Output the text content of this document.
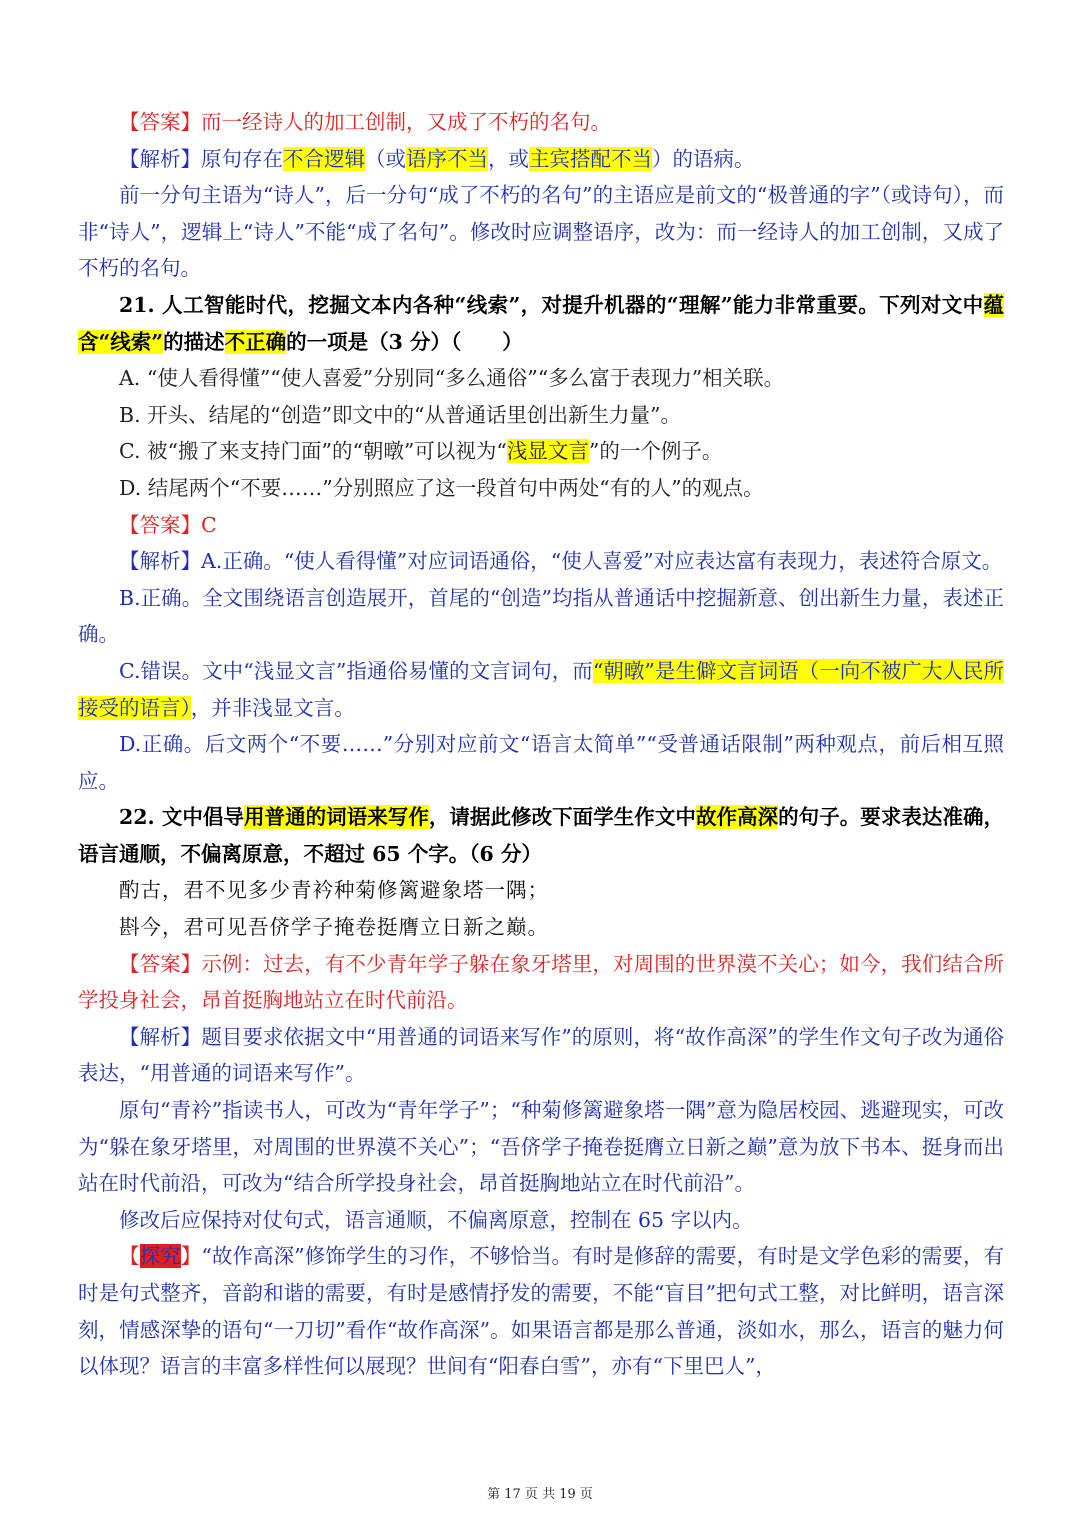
【答案】而一经诗人的加工创制，又成了不朽的名句。

【解析】原句存在不合逻辑（或语序不当，或主宾搭配不当）的语病。

前一分句主语为“诗人”，后一分句“成了不朽的名句”的主语应是前文的“极普通的字”（或诗句），而非“诗人”，逻辑上“诗人”不能“成了名句”。修改时应调整语序，改为：而一经诗人的加工创制，又成了不朽的名句。

21. 人工智能时代，挖掘文本内各种“线索”，对提升机器的“理解”能力非常重要。下列对文中蕴含“线索”的描述不正确的一项是（3 分）（　　）

A. “使人看得懂”“使人喜爱”分别同“多么通俗”“多么富于表现力”相关联。

B. 开头、结尾的“创造”即文中的“从普通话里创出新生力量”。

C. 被“搬了来支持门面”的“朝暾”可以视为“浅显文言”的一个例子。

D. 结尾两个“不要……”分别照应了这一段首句中两处“有的人”的观点。

【答案】C

【解析】A.正确。“使人看得懂”对应词语通俗，“使人喜爱”对应表达富有表现力，表述符合原文。

B.正确。全文围绕语言创造展开，首尾的“创造”均指从普通话中挖掘新意、创出新生力量，表述正确。

C.错误。文中“浅显文言”指通俗易懂的文言词句，而“朝暾”是生僻文言词语（一向不被广大人民所接受的语言），并非浅显文言。

D.正确。后文两个“不要……”分别对应前文“语言太简单”“受普通话限制”两种观点，前后相互照应。

22. 文中倡导用普通的词语来写作，请据此修改下面学生作文中故作高深的句子。要求表达准确，语言通顺，不偏离原意，不超过 65 个字。（6 分）

酌古，君不见多少青衿种菊修篱避象塔一隅；

斟今，君可见吾侪学子掩卷挺膺立日新之巅。

【答案】示例：过去，有不少青年学子躲在象牙塔里，对周围的世界漠不关心；如今，我们结合所学投身社会，昂首挺胸地站立在时代前沿。

【解析】题目要求依据文中“用普通的词语来写作”的原则，将“故作高深”的学生作文句子改为通俗表达，“用普通的词语来写作”。

原句“青衿”指读书人，可改为“青年学子”；“种菊修篱避象塔一隅”意为隐居校园、逃避现实，可改为“躲在象牙塔里，对周围的世界漠不关心”；“吾侪学子掩卷挺膺立日新之巅”意为放下书本、挺身而出站在时代前沿，可改为“结合所学投身社会，昂首挺胸地站立在时代前沿”。

修改后应保持对仗句式，语言通顺，不偏离原意，控制在 65 字以内。

【探究】“故作高深”修饰学生的习作，不够恰当。有时是修辞的需要，有时是文学色彩的需要，有时是句式整齐，音韵和谐的需要，有时是感情抒发的需要，不能“盲目”把句式工整，对比鲜明，语言深刻，情感深挚的语句“一刀切”看作“故作高深”。如果语言都是那么普通，淡如水，那么，语言的魅力何以体现？语言的丰富多样性何以展现？世间有“阳春白雪”，亦有“下里巴人”，

第 17 页 共 19 页
